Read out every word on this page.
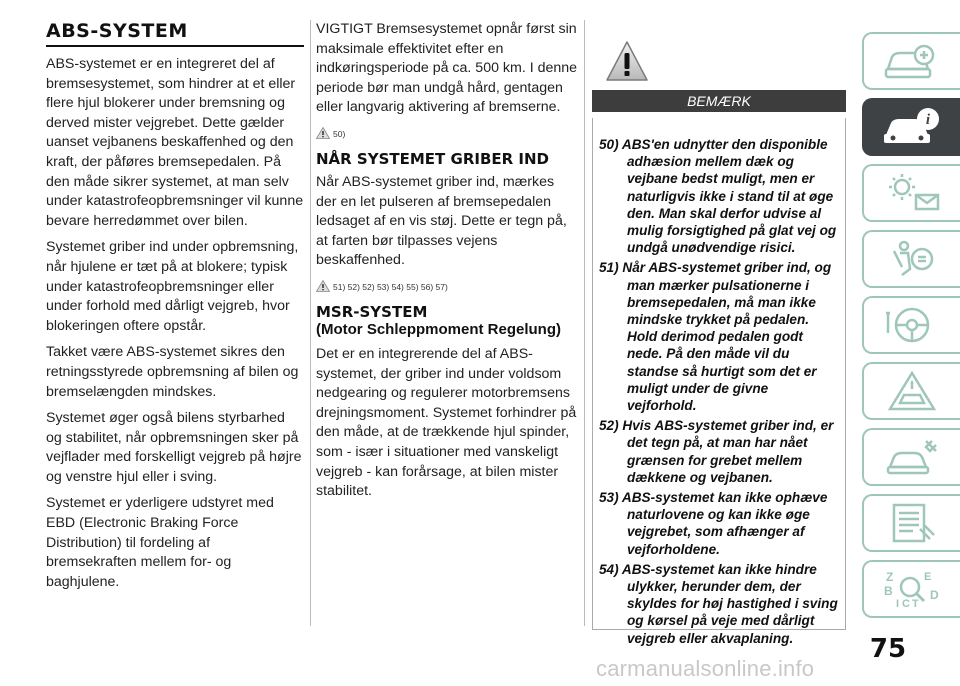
ABS-SYSTEM

ABS-systemet er en integreret del af bremsesystemet, som hindrer at et eller flere hjul blokerer under bremsning og derved mister vejgrebet. Dette gælder uanset vejbanens beskaffenhed og den kraft, der påføres bremsepedalen. På den måde sikrer systemet, at man selv under katastrofeopbremsninger vil kunne bevare herredømmet over bilen.

Systemet griber ind under opbremsning, når hjulene er tæt på at blokere; typisk under katastrofeopbremsninger eller under forhold med dårligt vejgreb, hvor blokeringen oftere opstår.

Takket være ABS-systemet sikres den retningsstyrede opbremsning af bilen og bremselængden mindskes.

Systemet øger også bilens styrbarhed og stabilitet, når opbremsningen sker på vejflader med forskelligt vejgreb på højre og venstre hjul eller i sving.

Systemet er yderligere udstyret med EBD (Electronic Braking Force Distribution) til fordeling af bremsekraften mellem for- og baghjulene.

VIGTIGT Bremsesystemet opnår først sin maksimale effektivitet efter en indkøringsperiode på ca. 500 km. I denne periode bør man undgå hård, gentagen eller langvarig aktivering af bremserne.

50)
NÅR SYSTEMET GRIBER IND

Når ABS-systemet griber ind, mærkes der en let pulseren af bremsepedalen ledsaget af en vis støj. Dette er tegn på, at farten bør tilpasses vejens beskaffenhed.

51) 52) 52) 53) 54) 55) 56) 57)
MSR-SYSTEM
(Motor Schleppmoment Regelung)

Det er en integrerende del af ABS-systemet, der griber ind under voldsom nedgearing og regulerer motorbremsens drejningsmoment. Systemet forhindrer på den måde, at de trækkende hjul spinder, som - især i situationer med vanskeligt vejgreb - kan forårsage, at bilen mister stabilitet.

BEMÆRK

50) ABS'en udnytter den disponible adhæsion mellem dæk og vejbane bedst muligt, men er naturligvis ikke i stand til at øge den. Man skal derfor udvise al mulig forsigtighed på glat vej og undgå unødvendige risici.

51) Når ABS-systemet griber ind, og man mærker pulsationerne i bremsepedalen, må man ikke mindske trykket på pedalen. Hold derimod pedalen godt nede. På den måde vil du standse så hurtigt som det er muligt under de givne vejforhold.

52) Hvis ABS-systemet griber ind, er det tegn på, at man har nået grænsen for grebet mellem dækkene og vejbanen.

53) ABS-systemet kan ikke ophæve naturlovene og kan ikke øge vejgrebet, som afhænger af vejforholdene.

54) ABS-systemet kan ikke hindre ulykker, herunder dem, der skyldes for høj hastighed i sving og kørsel på veje med dårligt vejgreb eller akvaplaning.

i
Z	E
B
I C T
D
75
carmanualsonline.info
